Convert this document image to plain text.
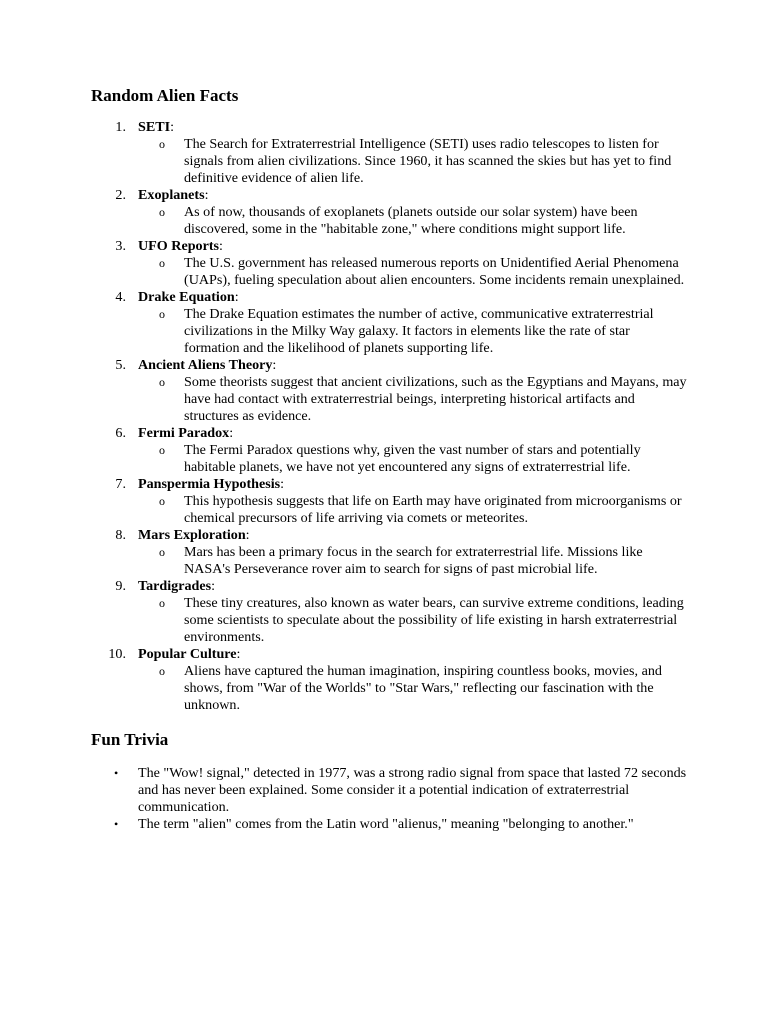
Random Alien Facts
1. SETI:
o The Search for Extraterrestrial Intelligence (SETI) uses radio telescopes to listen for signals from alien civilizations. Since 1960, it has scanned the skies but has yet to find definitive evidence of alien life.
2. Exoplanets:
o As of now, thousands of exoplanets (planets outside our solar system) have been discovered, some in the "habitable zone," where conditions might support life.
3. UFO Reports:
o The U.S. government has released numerous reports on Unidentified Aerial Phenomena (UAPs), fueling speculation about alien encounters. Some incidents remain unexplained.
4. Drake Equation:
o The Drake Equation estimates the number of active, communicative extraterrestrial civilizations in the Milky Way galaxy. It factors in elements like the rate of star formation and the likelihood of planets supporting life.
5. Ancient Aliens Theory:
o Some theorists suggest that ancient civilizations, such as the Egyptians and Mayans, may have had contact with extraterrestrial beings, interpreting historical artifacts and structures as evidence.
6. Fermi Paradox:
o The Fermi Paradox questions why, given the vast number of stars and potentially habitable planets, we have not yet encountered any signs of extraterrestrial life.
7. Panspermia Hypothesis:
o This hypothesis suggests that life on Earth may have originated from microorganisms or chemical precursors of life arriving via comets or meteorites.
8. Mars Exploration:
o Mars has been a primary focus in the search for extraterrestrial life. Missions like NASA's Perseverance rover aim to search for signs of past microbial life.
9. Tardigrades:
o These tiny creatures, also known as water bears, can survive extreme conditions, leading some scientists to speculate about the possibility of life existing in harsh extraterrestrial environments.
10. Popular Culture:
o Aliens have captured the human imagination, inspiring countless books, movies, and shows, from "War of the Worlds" to "Star Wars," reflecting our fascination with the unknown.
Fun Trivia
• The "Wow! signal," detected in 1977, was a strong radio signal from space that lasted 72 seconds and has never been explained. Some consider it a potential indication of extraterrestrial communication.
• The term "alien" comes from the Latin word "alienus," meaning "belonging to another."
